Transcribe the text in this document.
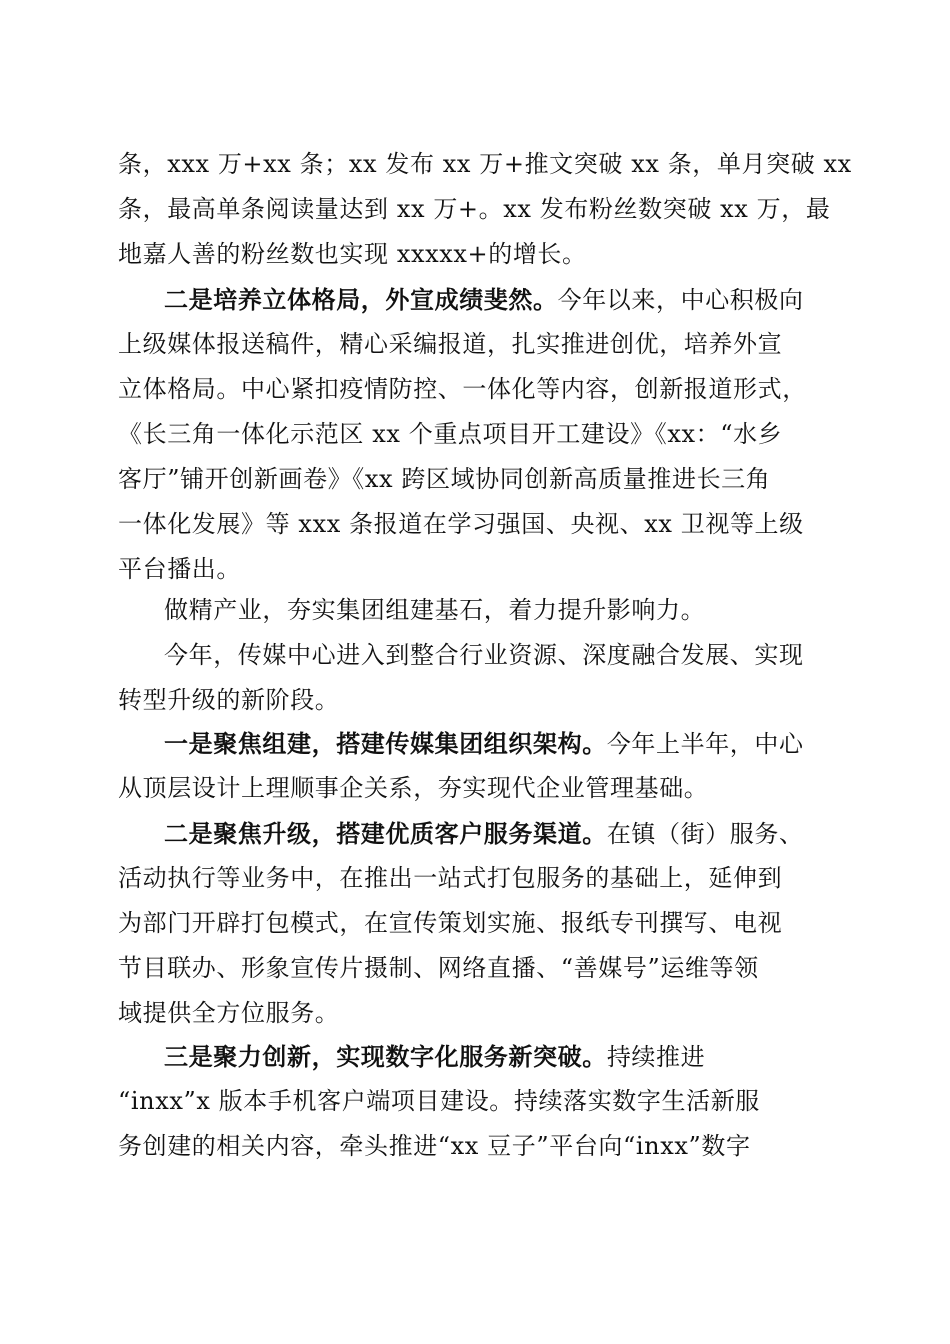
条，xxx 万+xx 条；xx 发布 xx 万+推文突破 xx 条，单月突破 xx
条，最高单条阅读量达到 xx 万+。xx 发布粉丝数突破 xx 万，最
地嘉人善的粉丝数也实现 xxxxx+的增长。
二是培养立体格局，外宣成绩斐然。今年以来，中心积极向
上级媒体报送稿件，精心采编报道，扎实推进创优，培养外宣
立体格局。中心紧扣疫情防控、一体化等内容，创新报道形式，
《长三角一体化示范区 xx 个重点项目开工建设》《xx：“水乡
客厅”铺开创新画卷》《xx 跨区域协同创新高质量推进长三角
一体化发展》等 xxx 条报道在学习强国、央视、xx 卫视等上级
平台播出。
做精产业，夯实集团组建基石，着力提升影响力。
今年，传媒中心进入到整合行业资源、深度融合发展、实现
转型升级的新阶段。
一是聚焦组建，搭建传媒集团组织架构。今年上半年，中心
从顶层设计上理顺事企关系，夯实现代企业管理基础。
二是聚焦升级，搭建优质客户服务渠道。在镇（街）服务、
活动执行等业务中，在推出一站式打包服务的基础上，延伸到
为部门开辟打包模式，在宣传策划实施、报纸专刊撰写、电视
节目联办、形象宣传片摄制、网络直播、“善媒号”运维等领
域提供全方位服务。
三是聚力创新，实现数字化服务新突破。持续推进
“inxx”x 版本手机客户端项目建设。持续落实数字生活新服
务创建的相关内容，牵头推进“xx 豆子”平台向“inxx”数字
